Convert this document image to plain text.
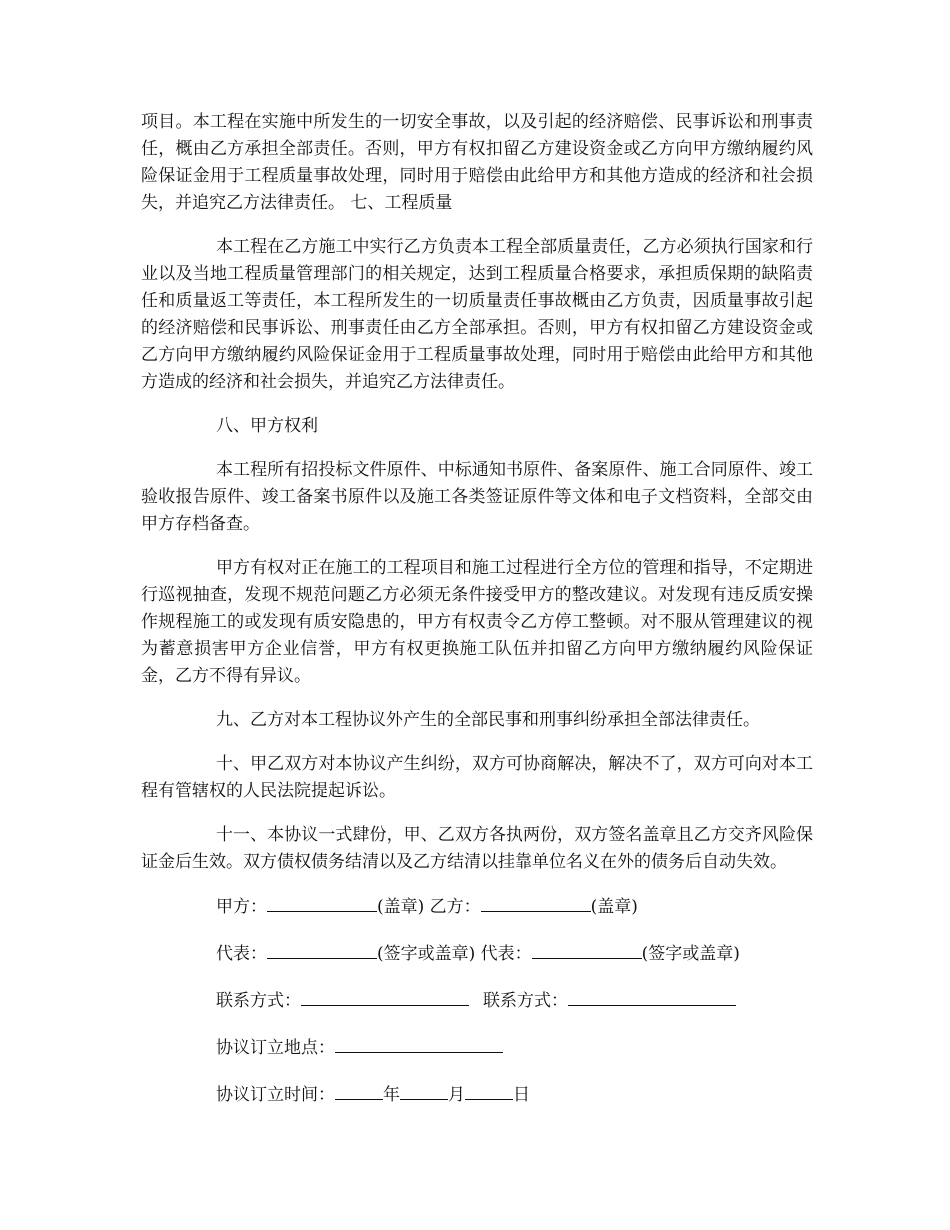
项目。本工程在实施中所发生的一切安全事故，以及引起的经济赔偿、民事诉讼和刑事责任，概由乙方承担全部责任。否则，甲方有权扣留乙方建设资金或乙方向甲方缴纳履约风险保证金用于工程质量事故处理，同时用于赔偿由此给甲方和其他方造成的经济和社会损失，并追究乙方法律责任。 七、工程质量

本工程在乙方施工中实行乙方负责本工程全部质量责任，乙方必须执行国家和行业以及当地工程质量管理部门的相关规定，达到工程质量合格要求，承担质保期的缺陷责任和质量返工等责任，本工程所发生的一切质量责任事故概由乙方负责，因质量事故引起的经济赔偿和民事诉讼、刑事责任由乙方全部承担。否则，甲方有权扣留乙方建设资金或乙方向甲方缴纳履约风险保证金用于工程质量事故处理，同时用于赔偿由此给甲方和其他方造成的经济和社会损失，并追究乙方法律责任。

八、甲方权利

本工程所有招投标文件原件、中标通知书原件、备案原件、施工合同原件、竣工验收报告原件、竣工备案书原件以及施工各类签证原件等文体和电子文档资料，全部交由甲方存档备查。

甲方有权对正在施工的工程项目和施工过程进行全方位的管理和指导，不定期进行巡视抽查，发现不规范问题乙方必须无条件接受甲方的整改建议。对发现有违反质安操作规程施工的或发现有质安隐患的，甲方有权责令乙方停工整顿。对不服从管理建议的视为蓄意损害甲方企业信誉，甲方有权更换施工队伍并扣留乙方向甲方缴纳履约风险保证金，乙方不得有异议。

九、乙方对本工程协议外产生的全部民事和刑事纠纷承担全部法律责任。

十、甲乙双方对本协议产生纠纷，双方可协商解决，解决不了，双方可向对本工程有管辖权的人民法院提起诉讼。

十一、本协议一式肆份，甲、乙双方各执两份，双方签名盖章且乙方交齐风险保证金后生效。双方债权债务结清以及乙方结清以挂靠单位名义在外的债务后自动失效。

甲方：	(盖章) 乙方：	(盖章)
代表：	(签字或盖章) 代表：	(签字或盖章)
联系方式：	联系方式：
协议订立地点：
协议订立时间：	年	月	日
